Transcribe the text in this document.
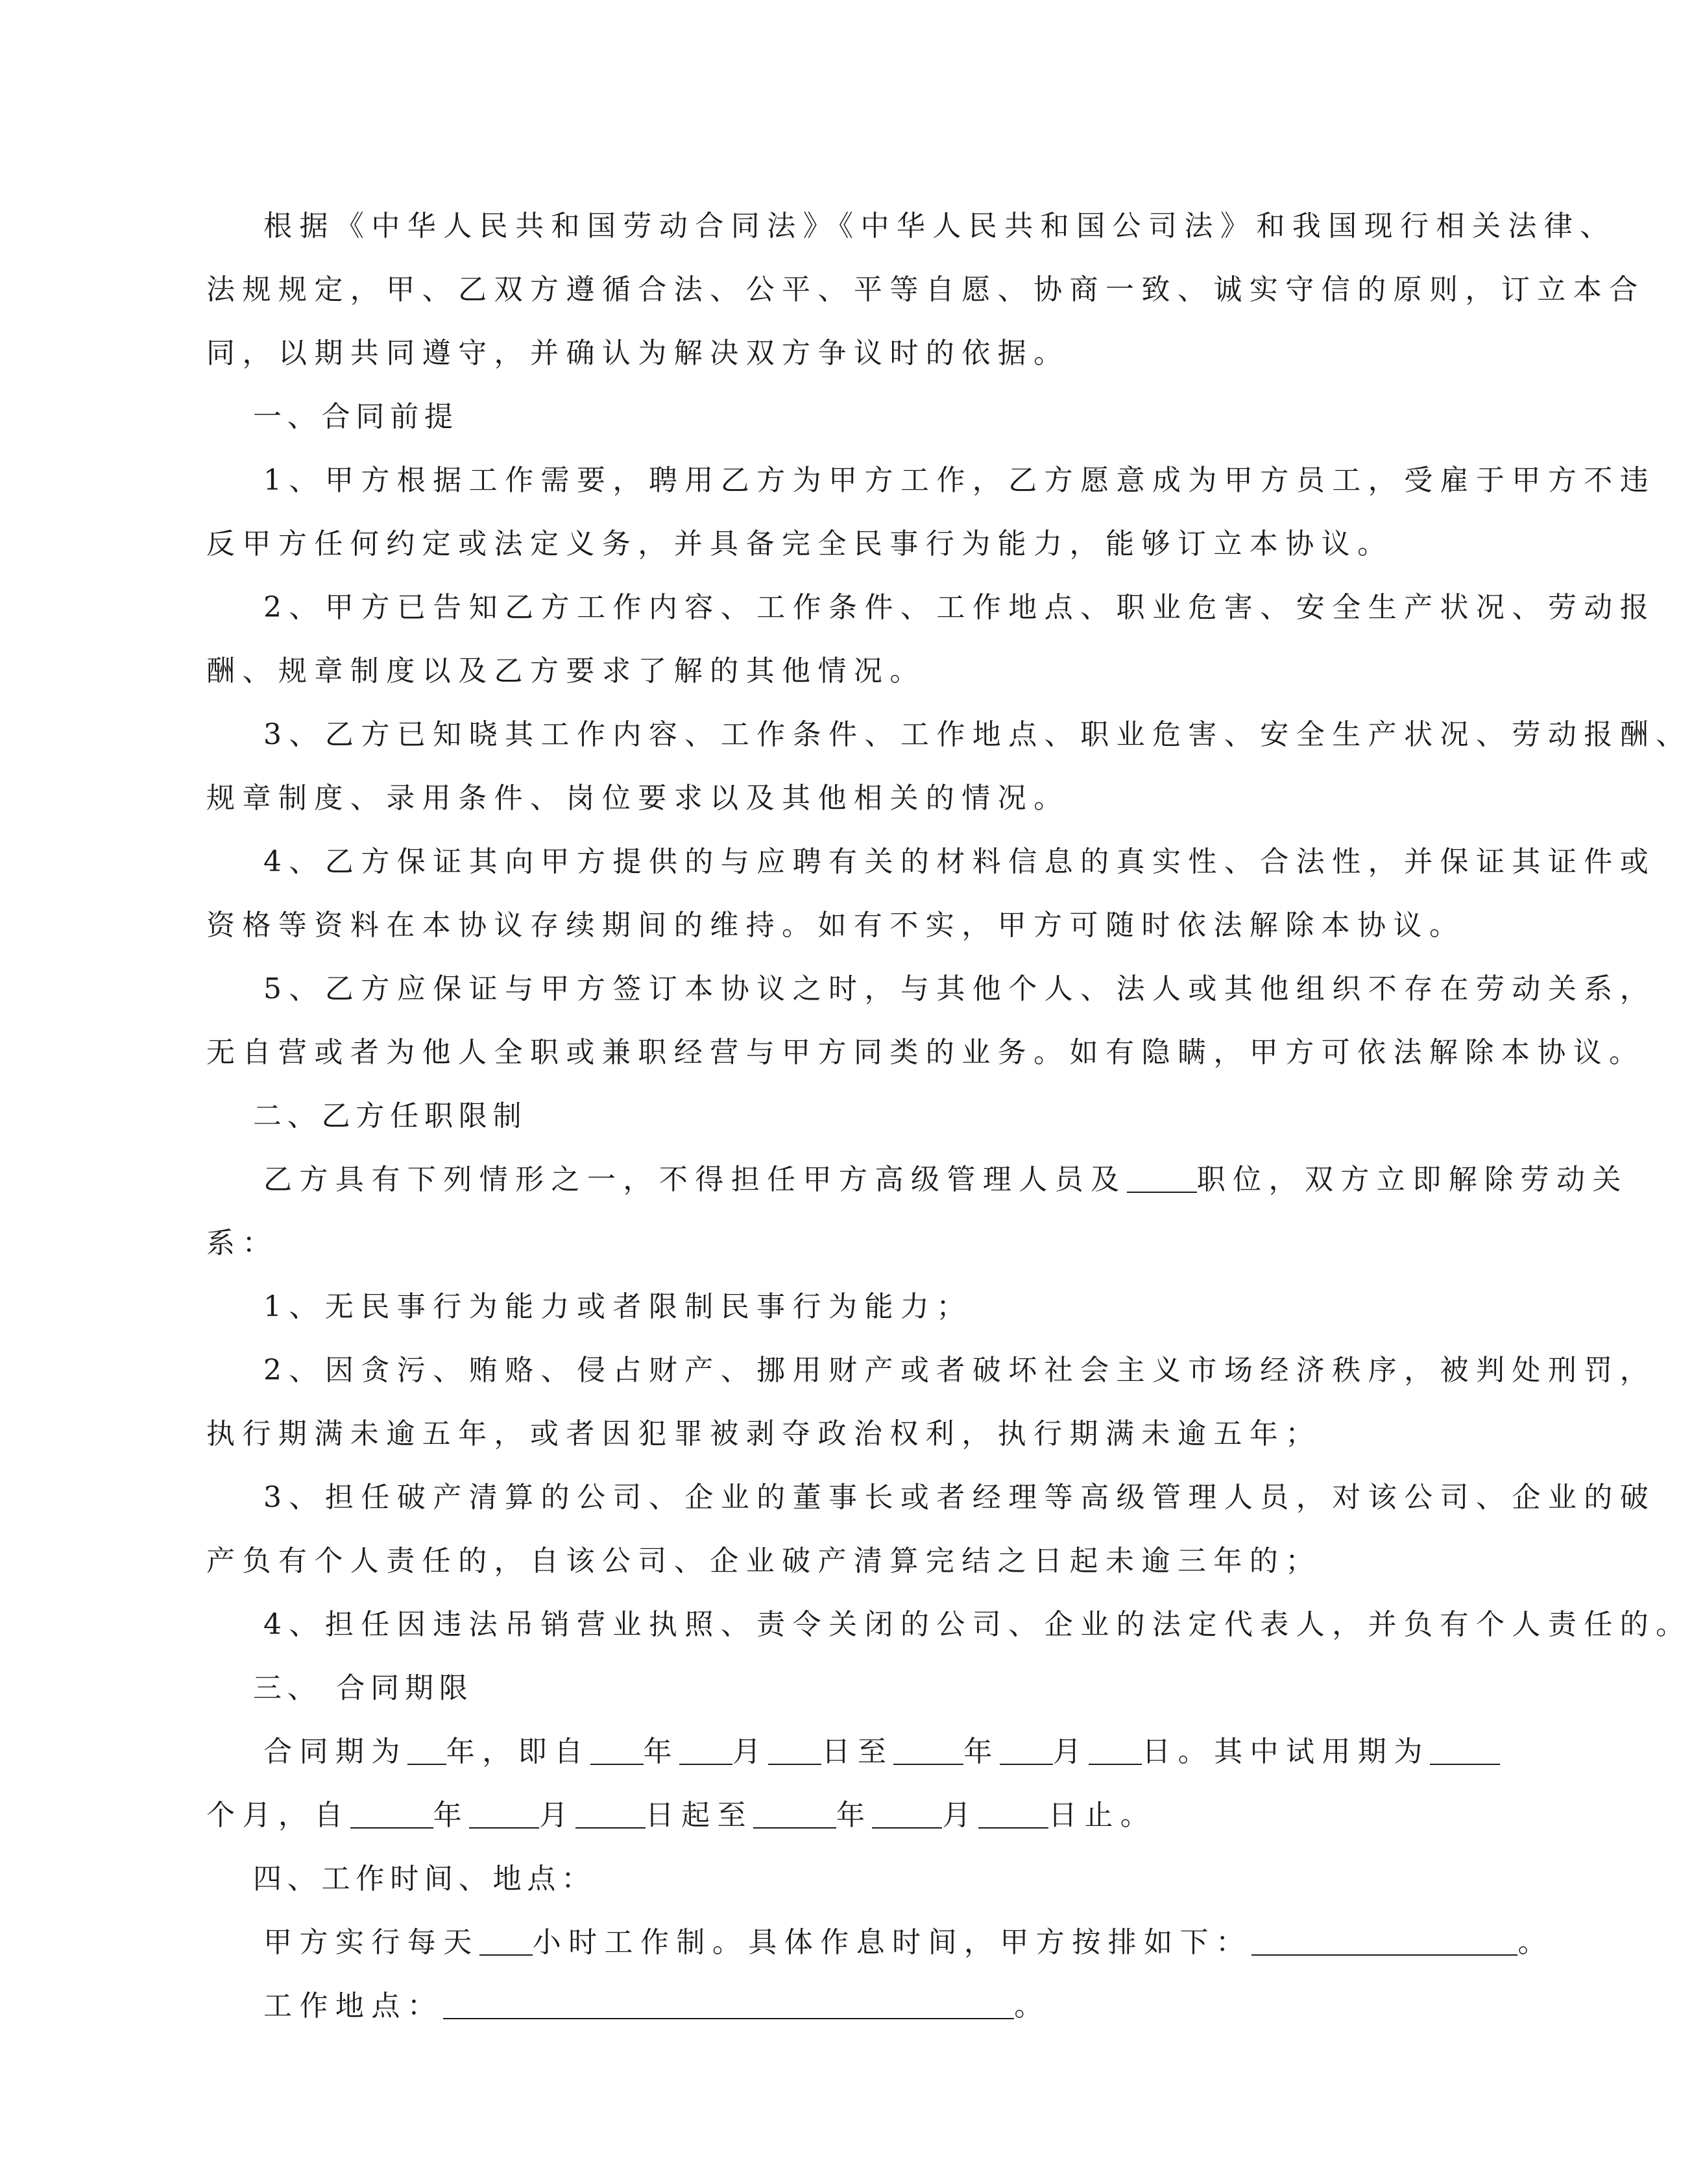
根据《中华人民共和国劳动合同法》《中华人民共和国公司法》和我国现行相关法律、
法规规定，甲、乙双方遵循合法、公平、平等自愿、协商一致、诚实守信的原则，订立本合
同，以期共同遵守，并确认为解决双方争议时的依据。
一、合同前提
1、甲方根据工作需要，聘用乙方为甲方工作，乙方愿意成为甲方员工，受雇于甲方不违
反甲方任何约定或法定义务，并具备完全民事行为能力，能够订立本协议。
2、甲方已告知乙方工作内容、工作条件、工作地点、职业危害、安全生产状况、劳动报
酬、规章制度以及乙方要求了解的其他情况。
3、乙方已知晓其工作内容、工作条件、工作地点、职业危害、安全生产状况、劳动报酬、
规章制度、录用条件、岗位要求以及其他相关的情况。
4、乙方保证其向甲方提供的与应聘有关的材料信息的真实性、合法性，并保证其证件或
资格等资料在本协议存续期间的维持。如有不实，甲方可随时依法解除本协议。
5、乙方应保证与甲方签订本协议之时，与其他个人、法人或其他组织不存在劳动关系，
无自营或者为他人全职或兼职经营与甲方同类的业务。如有隐瞒，甲方可依法解除本协议。
二、乙方任职限制
乙方具有下列情形之一，不得担任甲方高级管理人员及 职位，双方立即解除劳动关
系：
1、无民事行为能力或者限制民事行为能力；
2、因贪污、贿赂、侵占财产、挪用财产或者破坏社会主义市场经济秩序，被判处刑罚，
执行期满未逾五年，或者因犯罪被剥夺政治权利，执行期满未逾五年；
3、担任破产清算的公司、企业的董事长或者经理等高级管理人员，对该公司、企业的破
产负有个人责任的，自该公司、企业破产清算完结之日起未逾三年的；
4、担任因违法吊销营业执照、责令关闭的公司、企业的法定代表人，并负有个人责任的。
三、 合同期限
合同期为 年，即自 年 月 日至 年 月 日。其中试用期为
个月，自	年 月 日起至	年 月 日止。
四、工作时间、地点：
甲方实行每天 小时工作制。具体作息时间，甲方按排如下：	。
工作地点：	。
